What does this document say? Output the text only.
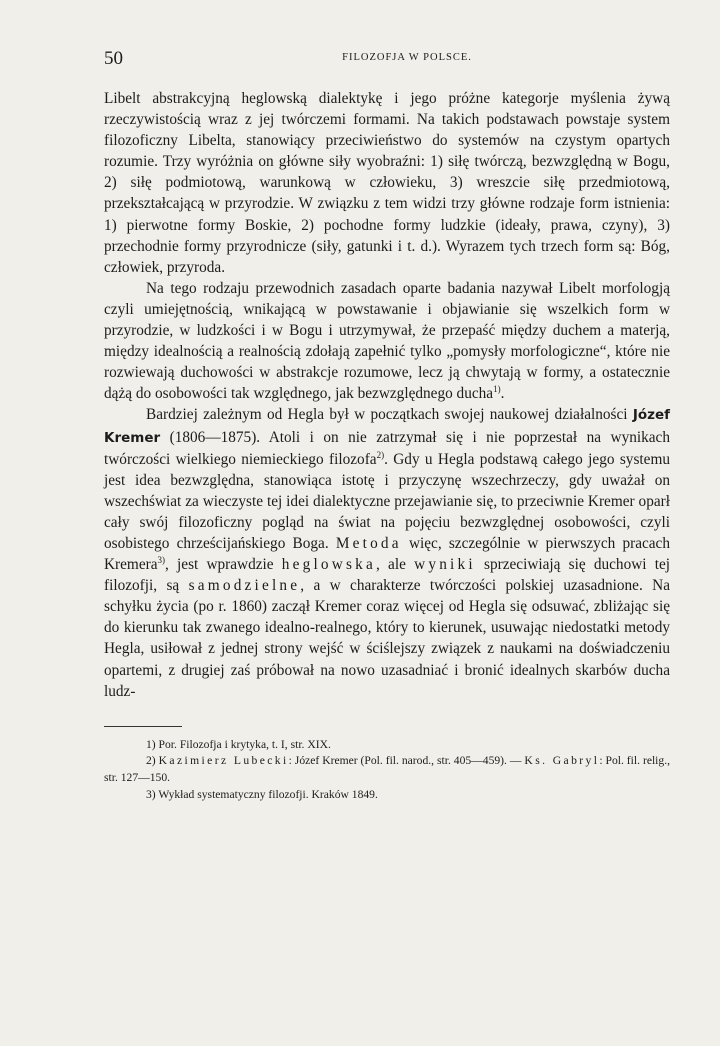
50	FILOZOFJA W POLSCE.

Libelt abstrakcyjną heglowską dialektykę i jego próżne kategorje myślenia żywą rzeczywistością wraz z jej twórczemi formami. Na takich podstawach powstaje system filozoficzny Libelta, stanowiący przeciwieństwo do systemów na czystym opartych rozumie. Trzy wyróżnia on główne siły wyobraźni: 1) siłę twórczą, bezwzględną w Bogu, 2) siłę podmiotową, warunkową w człowieku, 3) wreszcie siłę przedmiotową, przekształcającą w przyrodzie. W związku z tem widzi trzy główne rodzaje form istnienia: 1) pierwotne formy Boskie, 2) pochodne formy ludzkie (ideały, prawa, czyny), 3) przechodnie formy przyrodnicze (siły, gatunki i t. d.). Wyrazem tych trzech form są: Bóg, człowiek, przyroda.

Na tego rodzaju przewodnich zasadach oparte badania nazywał Libelt morfologją czyli umiejętnością, wnikającą w powstawanie i objawianie się wszelkich form w przyrodzie, w ludzkości i w Bogu i utrzymywał, że przepaść między duchem a materją, między idealnością a realnością zdołają zapełnić tylko „pomysły morfologiczne“, które nie rozwiewają duchowości w abstrakcje rozumowe, lecz ją chwytają w formy, a ostatecznie dążą do osobowości tak względnego, jak bezwzględnego ducha$^{1)}$.

Bardziej zależnym od Hegla był w początkach swojej naukowej działalności Józef Kremer (1806—1875). Atoli i on nie zatrzymał się i nie poprzestał na wynikach twórczości wielkiego niemieckiego filozofa$^{2)}$. Gdy u Hegla podstawą całego jego systemu jest idea bezwzględna, stanowiąca istotę i przyczynę wszechrzeczy, gdy uważał on wszechświat za wieczyste tej idei dialektyczne przejawianie się, to przeciwnie Kremer oparł cały swój filozoficzny pogląd na świat na pojęciu bezwzględnej osobowości, czyli osobistego chrześcijańskiego Boga. Metoda więc, szczególnie w pierwszych pracach Kremera$^{3)}$, jest wprawdzie heglowska, ale wyniki sprzeciwiają się duchowi tej filozofji, są samodzielne, a w charakterze twórczości polskiej uzasadnione. Na schyłku życia (po r. 1860) zaczął Kremer coraz więcej od Hegla się odsuwać, zbliżając się do kierunku tak zwanego idealno-realnego, który to kierunek, usuwając niedostatki metody Hegla, usiłował z jednej strony wejść w ściślejszy związek z naukami na doświadczeniu opartemi, z drugiej zaś próbował na nowo uzasadniać i bronić idealnych skarbów ducha ludz-

1) Por. Filozofja i krytyka, t. I, str. XIX.

2) Kazimierz Lubecki: Józef Kremer (Pol. fil. narod., str. 405—459). — Ks. Gabryl: Pol. fil. relig., str. 127—150.

3) Wykład systematyczny filozofji. Kraków 1849.
